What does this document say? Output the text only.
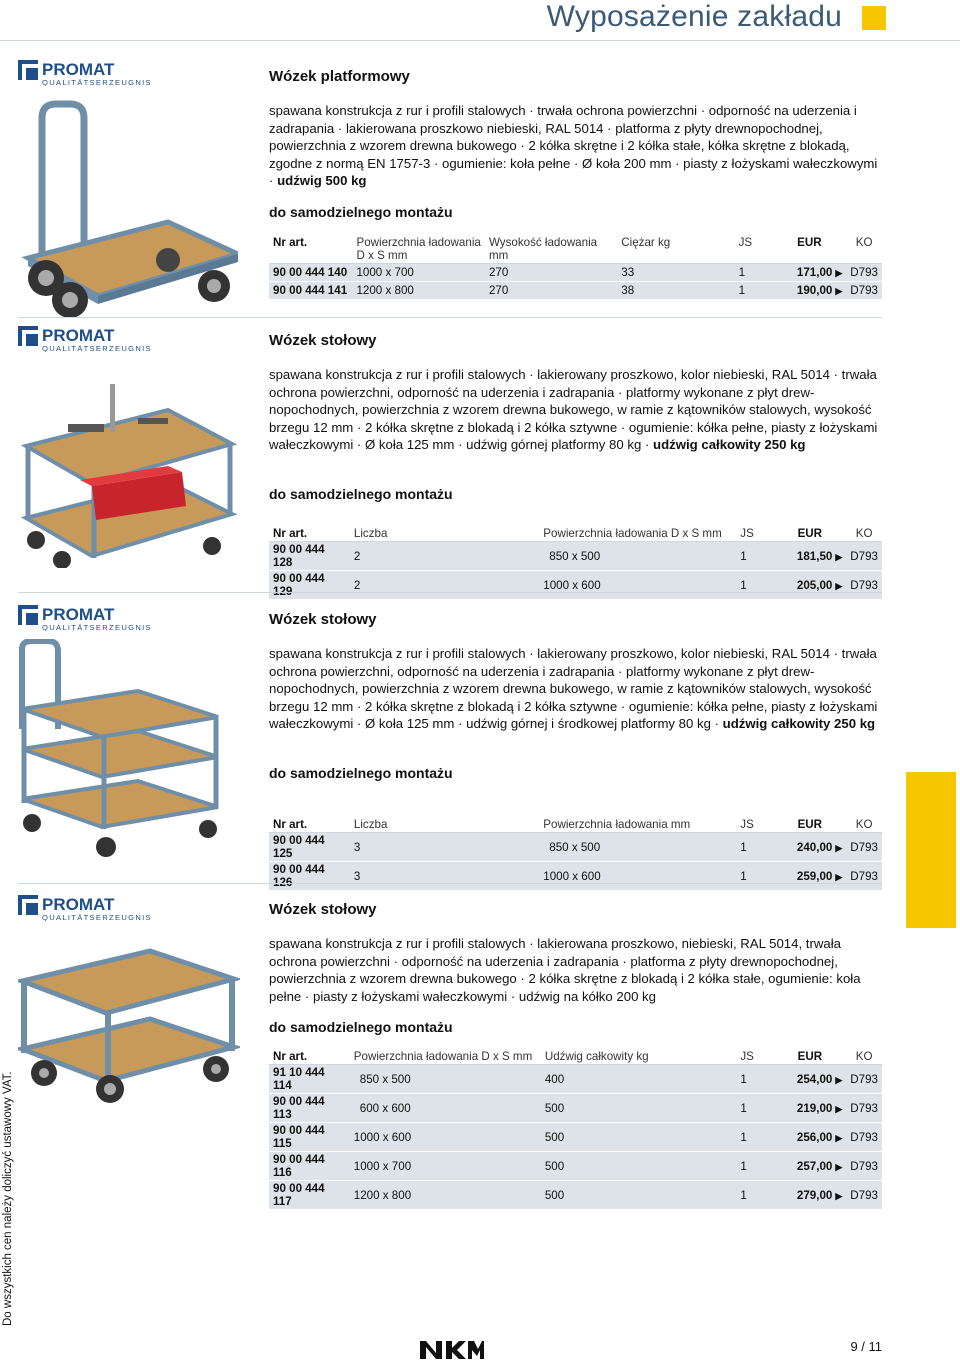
Wyposażenie zakładu
PROMAT
QUALITÄTSERZEUGNIS	Wózek platformowy
spawana konstrukcja z rur i profili stalowych · trwała ochrona powierzchni · odporność na uderzenia i zadrapania · lakierowana proszkowo niebieski, RAL 5014 · platforma z płyty drewnopochodnej, powierzchnia z wzorem drewna bukowego · 2 kółka skrętne i 2 kółka stałe, kółka skrętne z blokadą, zgodne z normą EN 1757-3 · ogumienie: koła pełne · Ø koła 200 mm · piasty z łożyskami wałeczkowymi · udźwig 500 kg
do samodzielnego montażu
Nr art.	Powierzchnia ładowania D x S mm	Wysokość ładowania mm	Ciężar kg	JS	EUR	KO
90 00 444 140	1000 x 700	270	33	1	171,00 ▶	D793
90 00 444 141	1200 x 800	270	38	1	190,00 ▶	D793
PROMAT
QUALITÄTSERZEUGNIS	Wózek stołowy
spawana konstrukcja z rur i profili stalowych · lakierowany proszkowo, kolor niebieski, RAL 5014 · trwała ochrona powierzchni, odporność na uderzenia i zadrapania · platformy wykonane z płyt drewnopochodnych, powierzchnia z wzorem drewna bukowego, w ramie z kątowników stalowych, wysokość brzegu 12 mm · 2 kółka skrętne z blokadą i 2 kółka sztywne · ogumienie: kółka pełne, piasty z łożyskami wałeczkowymi · Ø koła 125 mm · udźwig górnej platformy 80 kg · udźwig całkowity 250 kg
do samodzielnego montażu
Nr art.	Liczba	Powierzchnia ładowania D x S mm	JS	EUR	KO
90 00 444 128	2	850 x 500	1	181,50 ▶	D793
90 00 444 129	2	1000 x 600	1	205,00 ▶	D793
PROMAT
QUALITÄTSERZEUGNIS	Wózek stołowy
spawana konstrukcja z rur i profili stalowych · lakierowany proszkowo, kolor niebieski, RAL 5014 · trwała ochrona powierzchni, odporność na uderzenia i zadrapania · platformy wykonane z płyt drewnopochodnych, powierzchnia z wzorem drewna bukowego, w ramie z kątowników stalowych, wysokość brzegu 12 mm · 2 kółka skrętne z blokadą i 2 kółka sztywne · ogumienie: kółka pełne, piasty z łożyskami wałeczkowymi · Ø koła 125 mm · udźwig górnej i środkowej platformy 80 kg · udźwig całkowity 250 kg
do samodzielnego montażu
Nr art.	Liczba	Powierzchnia ładowania mm	JS	EUR	KO
90 00 444 125	3	850 x 500	1	240,00 ▶	D793
90 00 444 126	3	1000 x 600	1	259,00 ▶	D793
PROMAT
QUALITÄTSERZEUGNIS	Wózek stołowy
spawana konstrukcja z rur i profili stalowych · lakierowana proszkowo, niebieski, RAL 5014, trwała ochrona powierzchni · odporność na uderzenia i zadrapania · platforma z płyty drewnopochodnej, powierzchnia z wzorem drewna bukowego · 2 kółka skrętne z blokadą i 2 kółka stałe, ogumienie: koła pełne · piasty z łożyskami wałeczkowymi · udźwig na kółko 200 kg
do samodzielnego montażu
Nr art.	Powierzchnia ładowania D x S mm	Udźwig całkowity kg	JS	EUR	KO
91 10 444 114	850 x 500	400	1	254,00 ▶	D793
90 00 444 113	600 x 600	500	1	219,00 ▶	D793
90 00 444 115	1000 x 600	500	1	256,00 ▶	D793
90 00 444 116	1000 x 700	500	1	257,00 ▶	D793
90 00 444 117	1200 x 800	500	1	279,00 ▶	D793
Do wszystkich cen należy doliczyć ustawowy VAT.
9 / 11
